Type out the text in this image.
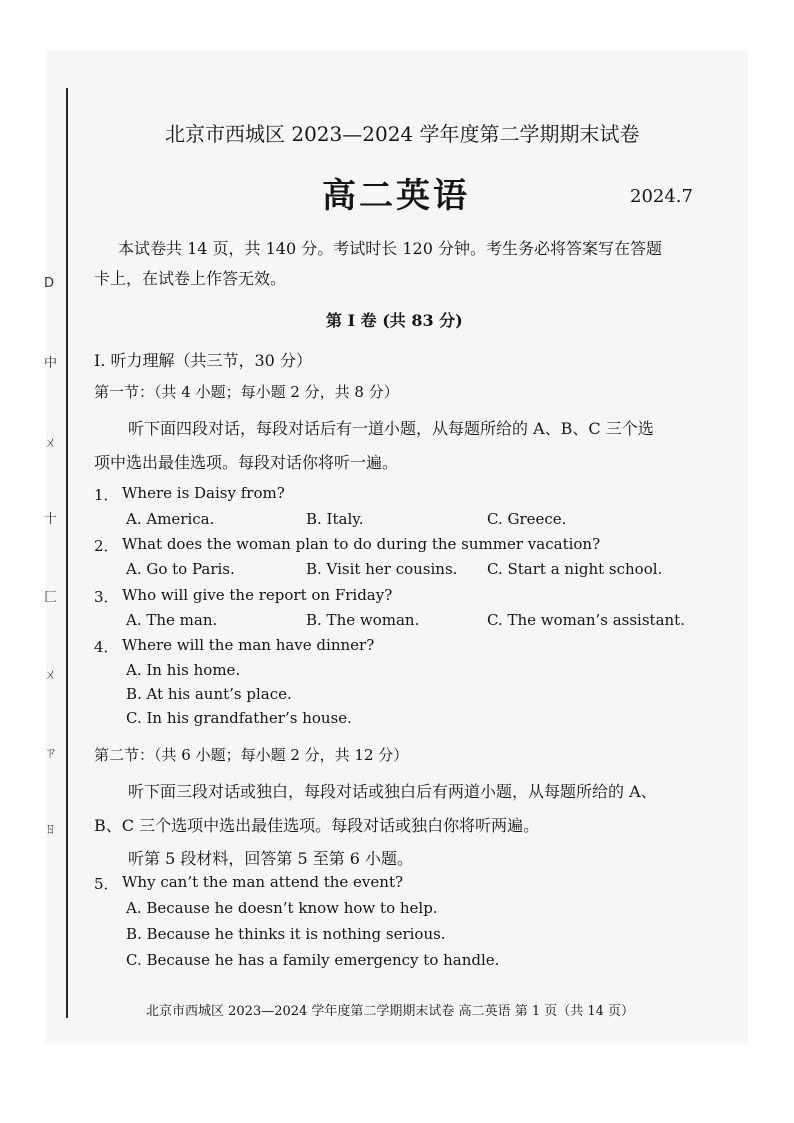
D
中
ㄨ
十
匚
ㄨ
ㄗ
ㄖ
北京市西城区 2023—2024 学年度第二学期期末试卷
高二英语	2024.7
本试卷共 14 页，共 140 分。考试时长 120 分钟。考生务必将答案写在答题
卡上，在试卷上作答无效。
第 I 卷 (共 83 分)
I. 听力理解（共三节，30 分）
第一节：（共 4 小题；每小题 2 分，共 8 分）
听下面四段对话，每段对话后有一道小题，从每题所给的 A、B、C 三个选
项中选出最佳选项。每段对话你将听一遍。
1． Where is Daisy from?
A. America.	B. Italy.	C. Greece.
2． What does the woman plan to do during the summer vacation?
A. Go to Paris.	B. Visit her cousins. C. Start a night school.
3． Who will give the report on Friday?
A. The man.	B. The woman.	C. The woman’s assistant.
4． Where will the man have dinner?
A. In his home.
B. At his aunt’s place.
C. In his grandfather’s house.
第二节：（共 6 小题；每小题 2 分，共 12 分）
听下面三段对话或独白，每段对话或独白后有两道小题，从每题所给的 A、
B、C 三个选项中选出最佳选项。每段对话或独白你将听两遍。
听第 5 段材料，回答第 5 至第 6 小题。
5． Why can’t the man attend the event?
A. Because he doesn’t know how to help.
B. Because he thinks it is nothing serious.
C. Because he has a family emergency to handle.
北京市西城区 2023—2024 学年度第二学期期末试卷 高二英语 第 1 页（共 14 页）
